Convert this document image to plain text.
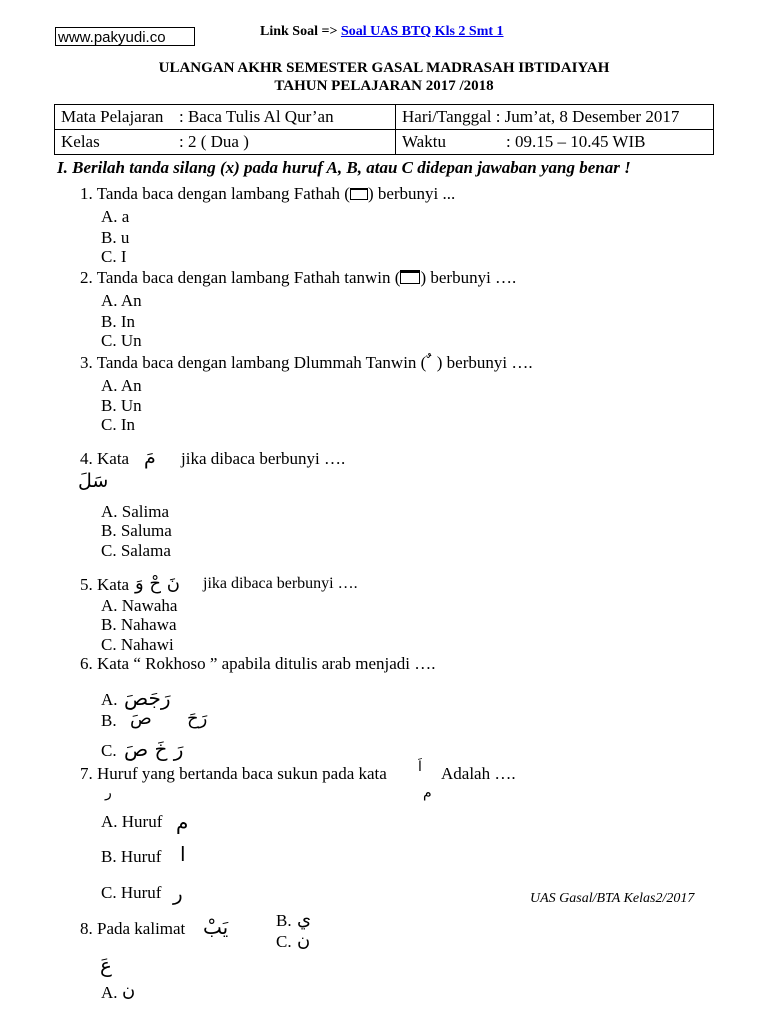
www.pakyudi.co	Link Soal => Soal UAS BTQ Kls 2 Smt 1
ULANGAN AKHR SEMESTER GASAL MADRASAH IBTIDAIYAH
TAHUN PELAJARAN 2017 /2018
Mata Pelajaran : Baca Tulis Al Qur’an	Hari/Tanggal : Jum’at, 8 Desember 2017
Kelas : 2 ( Dua )	Waktu : 09.15 – 10.45 WIB
I. Berilah tanda silang (x) pada huruf A, B, atau C didepan jawaban yang benar !
1. Tanda baca dengan lambang Fathah ( ) berbunyi ...
A. a
B. u
C. I
2. Tanda baca dengan lambang Fathah tanwin ( ) berbunyi ….
A. An
B. In
C. Un
3. Tanda baca dengan lambang Dlummah Tanwin ( ٌ ) berbunyi ….
A. An
B. Un
C. In
4. Kata مَ jika dibaca berbunyi ….
سَلَ
A. Salima
B. Saluma
C. Salama
5. Kata نَ حْ وَ jika dibaca berbunyi ….
A. Nawaha
B. Nahawa
C. Nahawi
6. Kata “ Rokhoso ” apabila ditulis arab menjadi ….
A. رَجَصَ
B. صَ رَحَ
C. رَ خَ صَ
7. Huruf yang bertanda baca sukun pada kata اَ
ر	م
Adalah ….
A. Huruf م
B. Huruf ا
C. Huruf ر	UAS Gasal/BTA Kelas2/2017
8. Pada kalimat يَبْ	B. ي
C. ن
عَ
A. ن
